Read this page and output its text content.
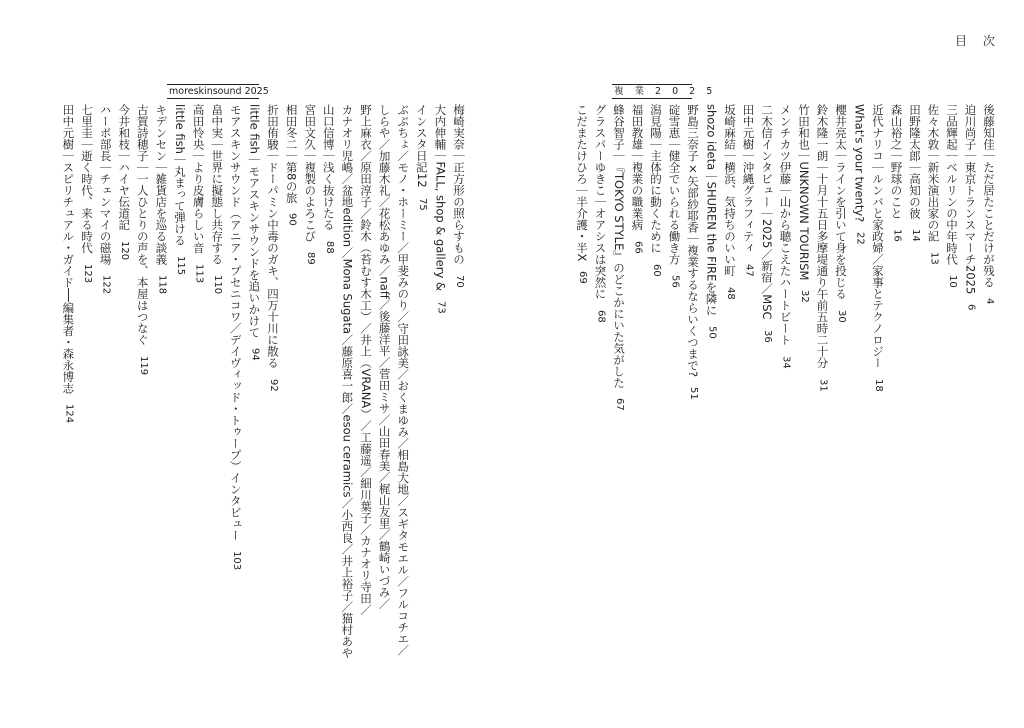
目 次
複 業 2 0 2 5
moreskinsound 2025
後藤知佳｜ただ居たことだけが残る4
迫川尚子｜東京トランスマーチ20256
三品輝起｜ベルリンの中年時代10
佐々木敦｜新米演出家の記13
田野隆太郎｜高知の彼14
森山裕之｜野球のこと16
近代ナリコ｜ルンバと家政婦／家事とテクノロジー18
What's your twenty?22
櫻井亮太｜ラインを引いて身を投じる30
鈴木隆一朗｜十月十五日多摩堤通り午前五時二十分31
竹田和也｜UNKNOWN TOURISM32
メンチカツ伊藤｜山から聴こえたハートビート34
二木信インタビュー｜2025／新宿／MSC36
田中元樹｜沖縄グラフィティ47
坂崎麻結｜横浜、気持ちのいい町48
shozo ideta｜SHUREN the FIREを隣に50
野島三奈子×矢部紗耶香｜複業するならいくつまで?51
碇雪恵｜健全でいられる働き方56
潟見陽｜主体的に動くために60
福田教雄｜複業の職業病66
蜂谷智子｜『TOKYO STYLE』のどこかにいた気がした67
グラスパーゆきこ｜オアシスは突然に68
こだまたけひろ｜半介護・半X69
梅崎実奈｜正方形の照らすもの70
大内伸輔｜FALL, shop & gallery &73
インスタ日記1275
ぶぶちょ／モノ・ホーミー／甲斐みのり／守田詠美／おくまゆみ／相島大地／スギタモエル／フルコチエ／
しらや／加藤木礼／花松あゆみ／naff／後藤洋平／菅田ミサ／山田春美／梶山友里／鶴崎いづみ／
野上麻衣／原田淳子／鈴木（苔むす木工）／井上（VRANA）／工藤遥／細川葉子／カナオリ寺田／
カナオリ児嶋／盆地edition／Mona Sugata／藤原喜一郎／esou ceramics／小西良／井上裕子／猫村あや
山口信博｜浅く抜けたる88
宮田文久｜複製のよろこび89
相田冬二｜第8の旅90
折田侑駿｜ドーパミン中毒のガキ、四万十川に散る92
little fish｜モアスキンサウンドを追いかけて94
モアスキンサウンド（アニア・プセニコワ／デイヴィッド・トゥープ）インタビュー103
畠中実｜世界に擬態し共存する110
高田怜央｜より皮膚らしい音113
little fish｜丸まって弾ける115
キデンセン｜雑貨店を巡る談義118
古賀詩穂子｜一人ひとりの声を、本屋はつなぐ119
今井和枝｜ハイヤ伝道記120
ハーボ部長｜チェンマイの磁場122
七里圭｜逝く時代、来る時代123
田中元樹｜スピリチュアル・ガイド──編集者・森永博志124
